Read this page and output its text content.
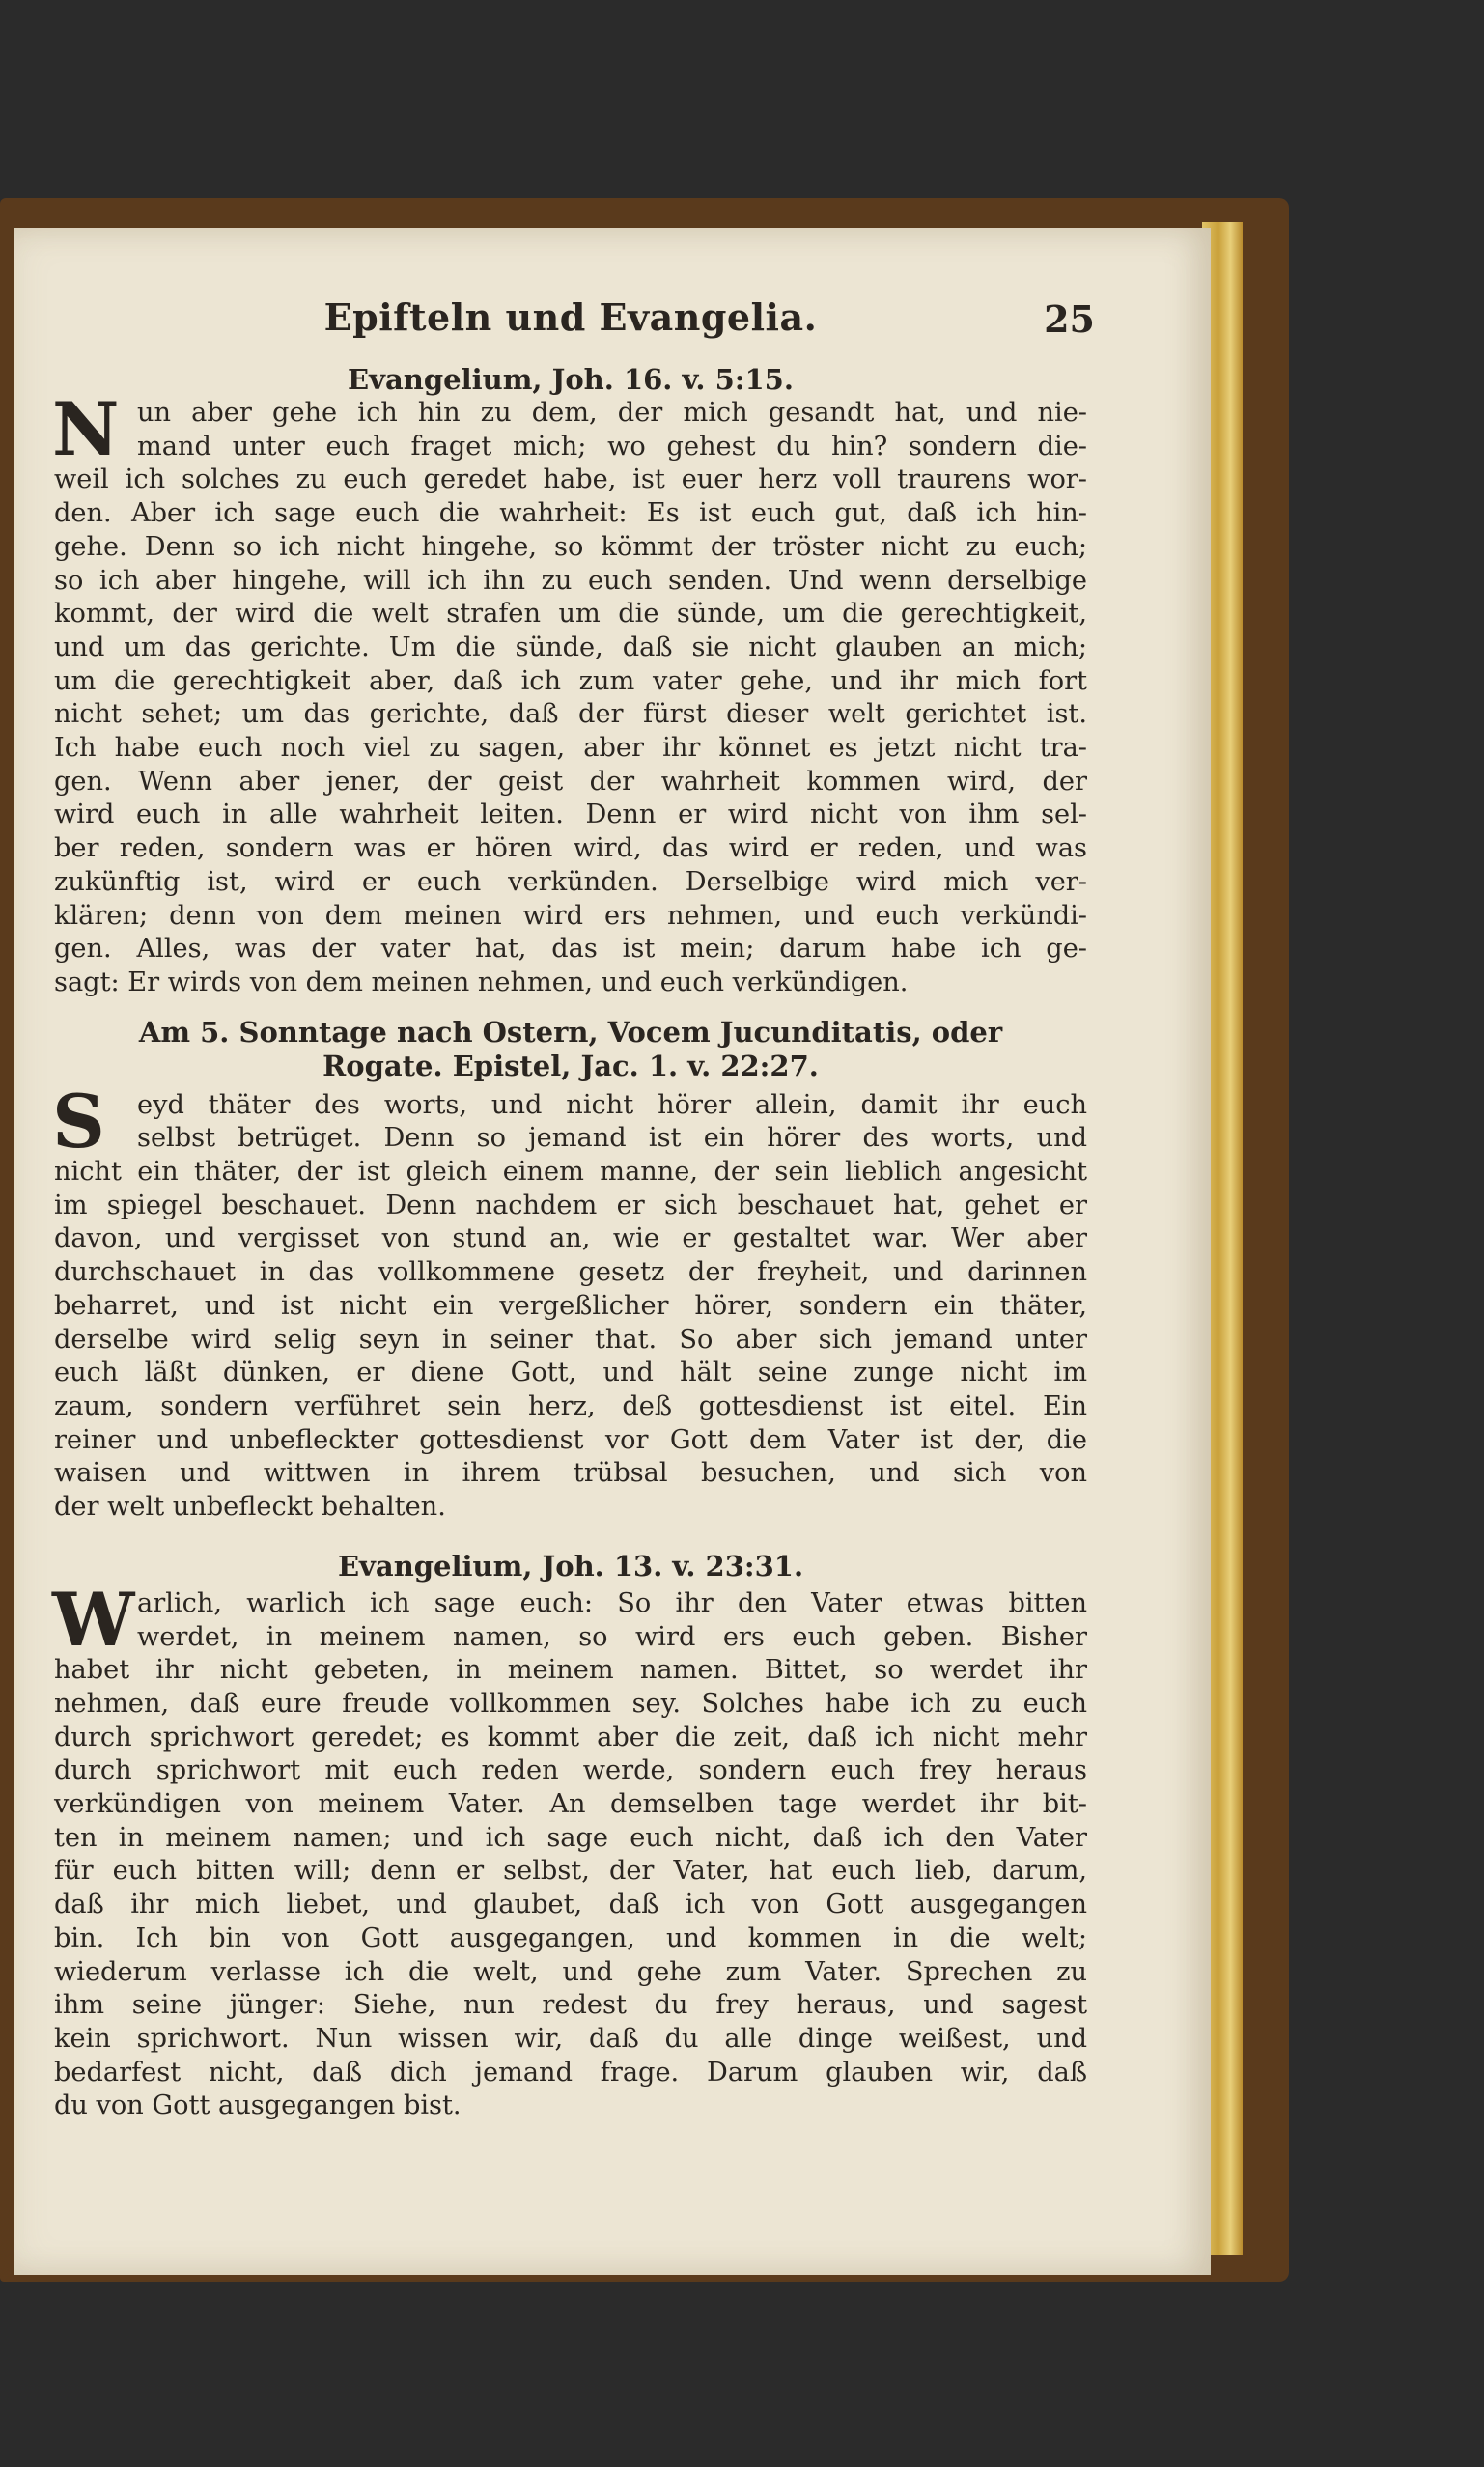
Epifteln und Evangelia.	25
Evangelium, Joh. 16. v. 5:15.
N un aber gehe ich hin zu dem, der mich gesandt hat, und nie-
mand unter euch fraget mich; wo gehest du hin? sondern die-
weil ich solches zu euch geredet habe, ist euer herz voll traurens wor-
den. Aber ich sage euch die wahrheit: Es ist euch gut, daß ich hin-
gehe. Denn so ich nicht hingehe, so kömmt der tröster nicht zu euch;
so ich aber hingehe, will ich ihn zu euch senden. Und wenn derselbige
kommt, der wird die welt strafen um die sünde, um die gerechtigkeit,
und um das gerichte. Um die sünde, daß sie nicht glauben an mich;
um die gerechtigkeit aber, daß ich zum vater gehe, und ihr mich fort
nicht sehet; um das gerichte, daß der fürst dieser welt gerichtet ist.
Ich habe euch noch viel zu sagen, aber ihr könnet es jetzt nicht tra-
gen. Wenn aber jener, der geist der wahrheit kommen wird, der
wird euch in alle wahrheit leiten. Denn er wird nicht von ihm sel-
ber reden, sondern was er hören wird, das wird er reden, und was
zukünftig ist, wird er euch verkünden. Derselbige wird mich ver-
klären; denn von dem meinen wird ers nehmen, und euch verkündi-
gen. Alles, was der vater hat, das ist mein; darum habe ich ge-
sagt: Er wirds von dem meinen nehmen, und euch verkündigen.
Am 5. Sonntage nach Ostern, Vocem Jucunditatis, oder
Rogate. Epistel, Jac. 1. v. 22:27.
S	eyd thäter des worts, und nicht hörer allein, damit ihr euch
selbst betrüget. Denn so jemand ist ein hörer des worts, und
nicht ein thäter, der ist gleich einem manne, der sein lieblich angesicht
im spiegel beschauet. Denn nachdem er sich beschauet hat, gehet er
davon, und vergisset von stund an, wie er gestaltet war. Wer aber
durchschauet in das vollkommene gesetz der freyheit, und darinnen
beharret, und ist nicht ein vergeßlicher hörer, sondern ein thäter,
derselbe wird selig seyn in seiner that. So aber sich jemand unter
euch läßt dünken, er diene Gott, und hält seine zunge nicht im
zaum, sondern verführet sein herz, deß gottesdienst ist eitel. Ein
reiner und unbefleckter gottesdienst vor Gott dem Vater ist der, die
waisen und wittwen in ihrem trübsal besuchen, und sich von
der welt unbefleckt behalten.
Evangelium, Joh. 13. v. 23:31.
W arlich, warlich ich sage euch: So ihr den Vater etwas bitten
werdet, in meinem namen, so wird ers euch geben. Bisher
habet ihr nicht gebeten, in meinem namen. Bittet, so werdet ihr
nehmen, daß eure freude vollkommen sey. Solches habe ich zu euch
durch sprichwort geredet; es kommt aber die zeit, daß ich nicht mehr
durch sprichwort mit euch reden werde, sondern euch frey heraus
verkündigen von meinem Vater. An demselben tage werdet ihr bit-
ten in meinem namen; und ich sage euch nicht, daß ich den Vater
für euch bitten will; denn er selbst, der Vater, hat euch lieb, darum,
daß ihr mich liebet, und glaubet, daß ich von Gott ausgegangen
bin. Ich bin von Gott ausgegangen, und kommen in die welt;
wiederum verlasse ich die welt, und gehe zum Vater. Sprechen zu
ihm seine jünger: Siehe, nun redest du frey heraus, und sagest
kein sprichwort. Nun wissen wir, daß du alle dinge weißest, und
bedarfest nicht, daß dich jemand frage. Darum glauben wir, daß
du von Gott ausgegangen bist.
